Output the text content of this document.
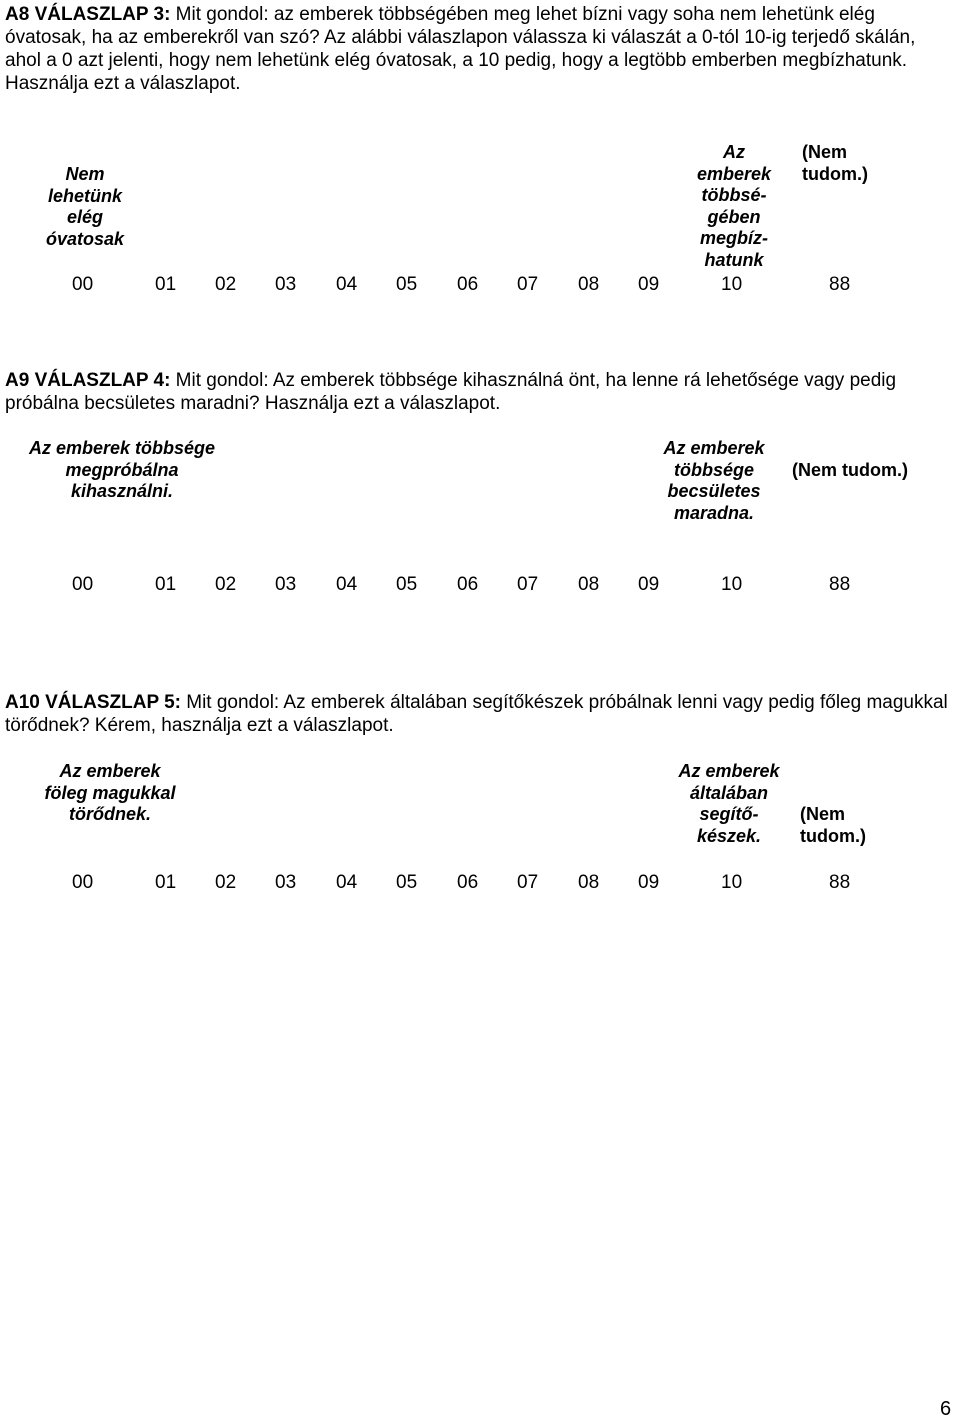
A8 VÁLASZLAP 3: Mit gondol: az emberek többségében meg lehet bízni vagy soha nem lehetünk elég óvatosak, ha az emberekről van szó? Az alábbi válaszlapon válassza ki válaszát a 0-tól 10-ig terjedő skálán, ahol a 0 azt jelenti, hogy nem lehetünk elég óvatosak, a 10 pedig, hogy a legtöbb emberben megbízhatunk. Használja ezt a válaszlapot.
Nem
lehetünk
elég
óvatosak
Az
emberek
többsé-
gében
megbíz-
hatunk
(Nem
tudom.)
00	01 02 03 04 05 06 07 08 09	10	88
A9 VÁLASZLAP 4: Mit gondol: Az emberek többsége kihasználná önt, ha lenne rá lehetősége vagy pedig próbálna becsületes maradni? Használja ezt a válaszlapot.
Az emberek többsége
megpróbálna
kihasználni.
Az emberek
többsége
becsületes
maradna.
(Nem tudom.)
00	01 02 03 04 05 06 07 08 09	10	88
A10 VÁLASZLAP 5: Mit gondol: Az emberek általában segítőkészek próbálnak lenni vagy pedig főleg magukkal törődnek? Kérem, használja ezt a válaszlapot.
Az emberek
föleg magukkal
törődnek.
Az emberek
általában
segítő-
készek.
(Nem
tudom.)
00	01 02 03 04 05 06 07 08 09	10	88
6
